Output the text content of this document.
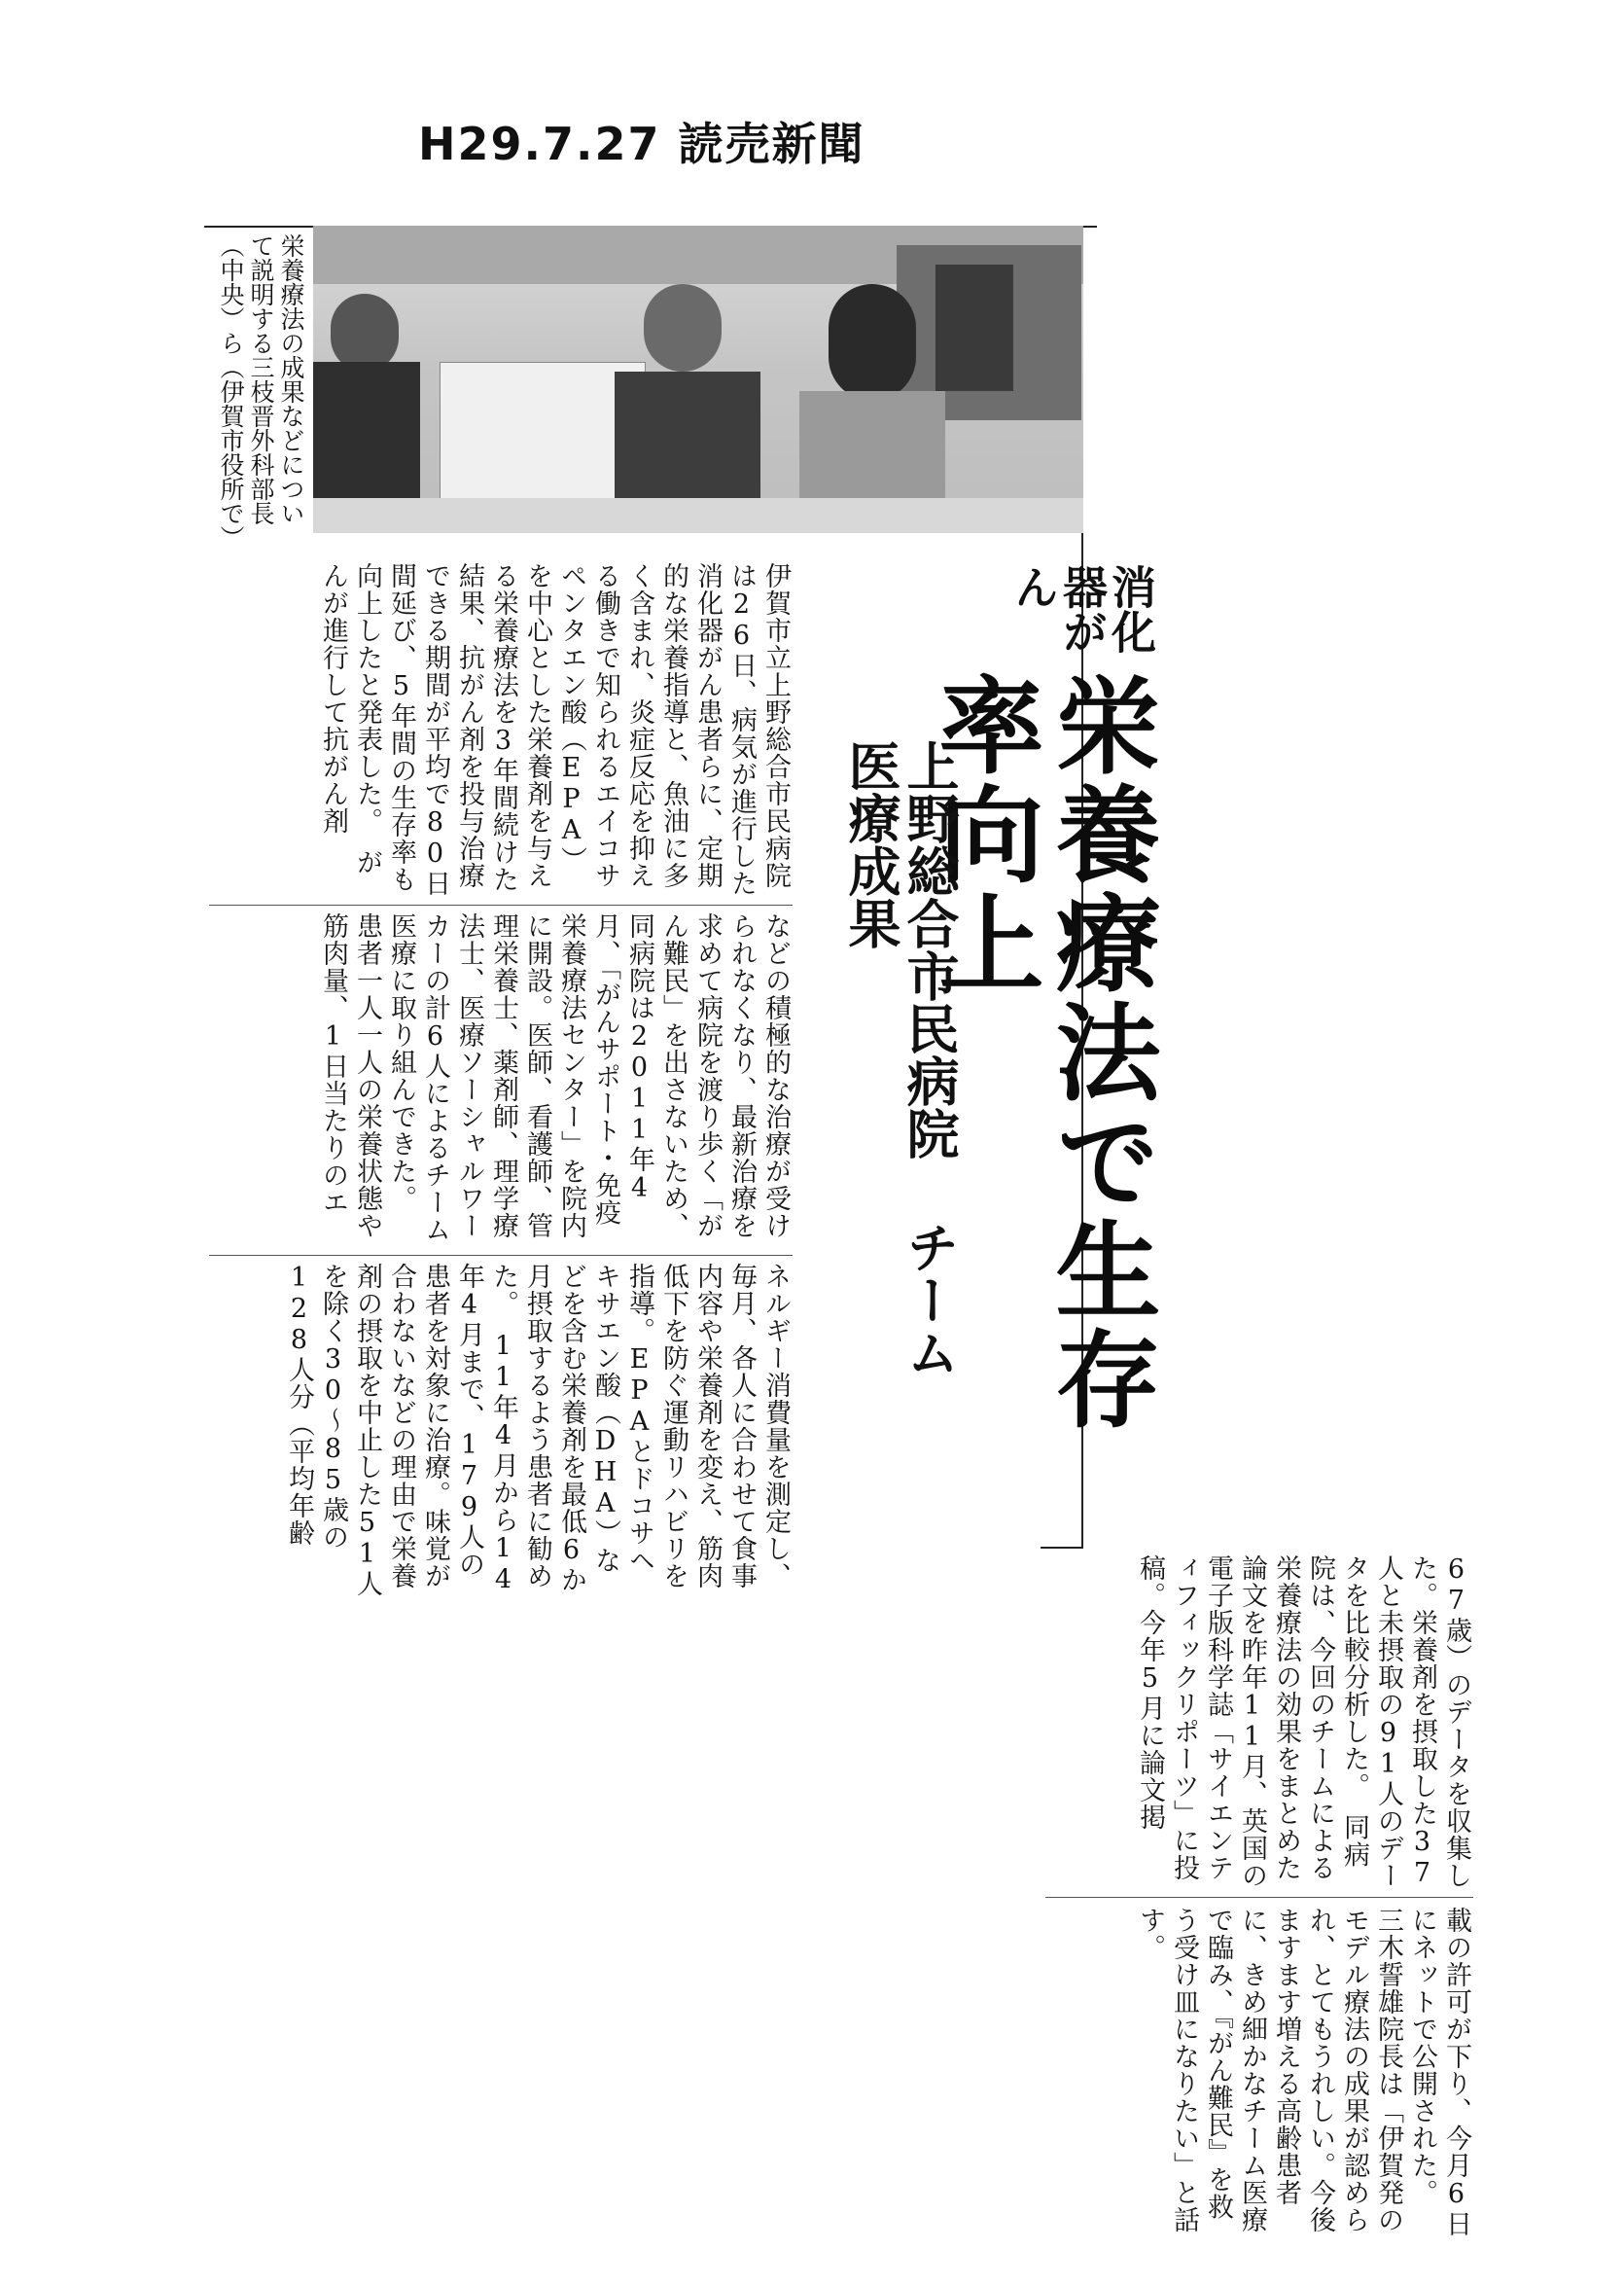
H29.7.27 読売新聞
栄養療法の成果などについて説明する三枝晋外科部長（中央）ら（伊賀市役所で）
消化器がん
栄養療法で生存率向上
上野総合市民病院 チーム医療成果
伊賀市立上野総合市民病院は26日、病気が進行した消化器がん患者らに、定期的な栄養指導と、魚油に多く含まれ、炎症反応を抑える働きで知られるエイコサペンタエン酸（EPA）を中心とした栄養剤を与える栄養療法を3年間続けた結果、抗がん剤を投与治療できる期間が平均で80日間延び、5年間の生存率も向上したと発表した。　がんが進行して抗がん剤
などの積極的な治療が受けられなくなり、最新治療を求めて病院を渡り歩く「がん難民」を出さないため、同病院は2011年4月、「がんサポート・免疫栄養療法センター」を院内に開設。医師、看護師、管理栄養士、薬剤師、理学療法士、医療ソーシャルワーカーの計6人によるチーム医療に取り組んできた。　患者一人一人の栄養状態や筋肉量、1日当たりのエ
ネルギー消費量を測定し、毎月、各人に合わせて食事内容や栄養剤を変え、筋肉低下を防ぐ運動リハビリを指導。EPAとドコサヘキサエン酸（DHA）などを含む栄養剤を最低6か月摂取するよう患者に勧めた。　11年4月から14年4月まで、179人の患者を対象に治療。味覚が合わないなどの理由で栄養剤の摂取を中止した51人を除く30〜85歳の128人分（平均年齢
67歳）のデータを収集した。栄養剤を摂取した37人と未摂取の91人のデータを比較分析した。　同病院は、今回のチームによる栄養療法の効果をまとめた論文を昨年11月、英国の電子版科学誌「サイエンティフィックリポーツ」に投稿。今年5月に論文掲
載の許可が下り、今月6日にネットで公開された。　三木誓雄院長は「伊賀発のモデル療法の成果が認められ、とてもうれしい。今後ますます増える高齢患者に、きめ細かなチーム医療で臨み、『がん難民』を救う受け皿になりたい」と話す。
